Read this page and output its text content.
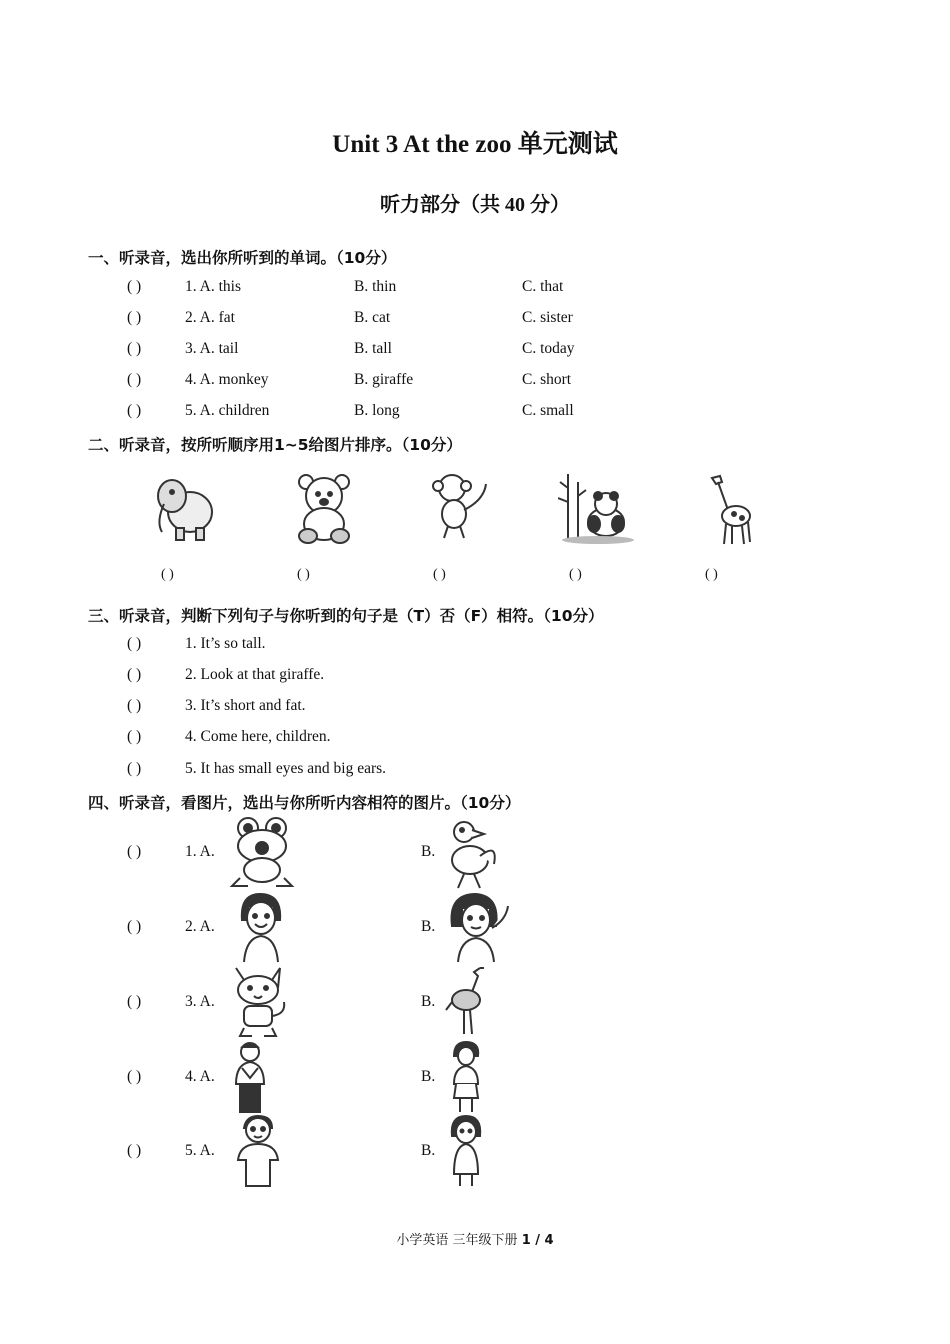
Unit 3 At the zoo 单元测试
听力部分（共 40 分）
一、听录音，选出你所听到的单词。（10分）
( )	1. A. this	B. thin	C. that
( )	2. A. fat	B. cat	C. sister
( )	3. A. tail	B. tall	C. today
( )	4. A. monkey	B. giraffe	C. short
( )	5. A. children	B. long	C. small
二、听录音，按所听顺序用1~5给图片排序。（10分）
( )	( )	( )	( )	( )
三、听录音，判断下列句子与你听到的句子是（T）否（F）相符。（10分）
( )	1. It’s so tall.
( )	2. Look at that giraffe.
( )	3. It’s short and fat.
( )	4. Come here, children.
( )	5. It has small eyes and big ears.
四、听录音，看图片，选出与你所听内容相符的图片。（10分）
( )	1. A.	B.
( )	2. A.	B.
( )	3. A.	B.
( )	4. A.	B.
( )	5. A.	B.
小学英语 三年级下册 1 / 4
